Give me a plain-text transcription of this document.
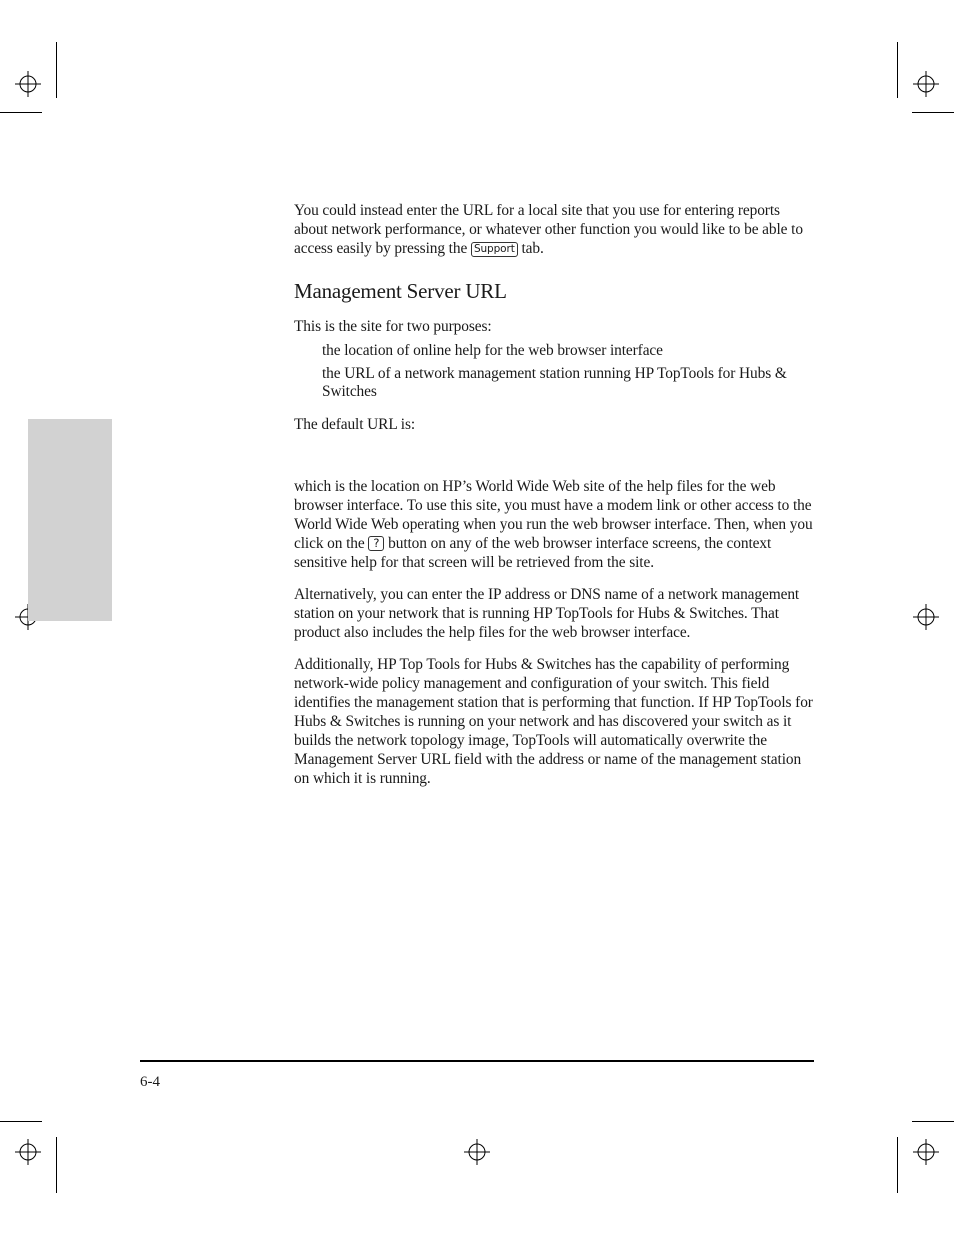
You could instead enter the URL for a local site that you use for entering reports about network performance, or whatever other function you would like to be able to access easily by pressing the Support tab.

Management Server URL

This is the site for two purposes:

the location of online help for the web browser interface
the URL of a network management station running HP TopTools for Hubs & Switches

The default URL is:

which is the location on HP’s World Wide Web site of the help files for the web browser interface. To use this site, you must have a modem link or other access to the World Wide Web operating when you run the web browser interface. Then, when you click on the ? button on any of the web browser interface screens, the context sensitive help for that screen will be retrieved from the site.

Alternatively, you can enter the IP address or DNS name of a network management station on your network that is running HP TopTools for Hubs & Switches. That product also includes the help files for the web browser interface.

Additionally, HP Top Tools for Hubs & Switches has the capability of performing network-wide policy management and configuration of your switch. This field identifies the management station that is performing that function. If HP TopTools for Hubs & Switches is running on your network and has discovered your switch as it builds the network topology image, TopTools will automatically overwrite the Management Server URL field with the address or name of the management station on which it is running.

6-4
